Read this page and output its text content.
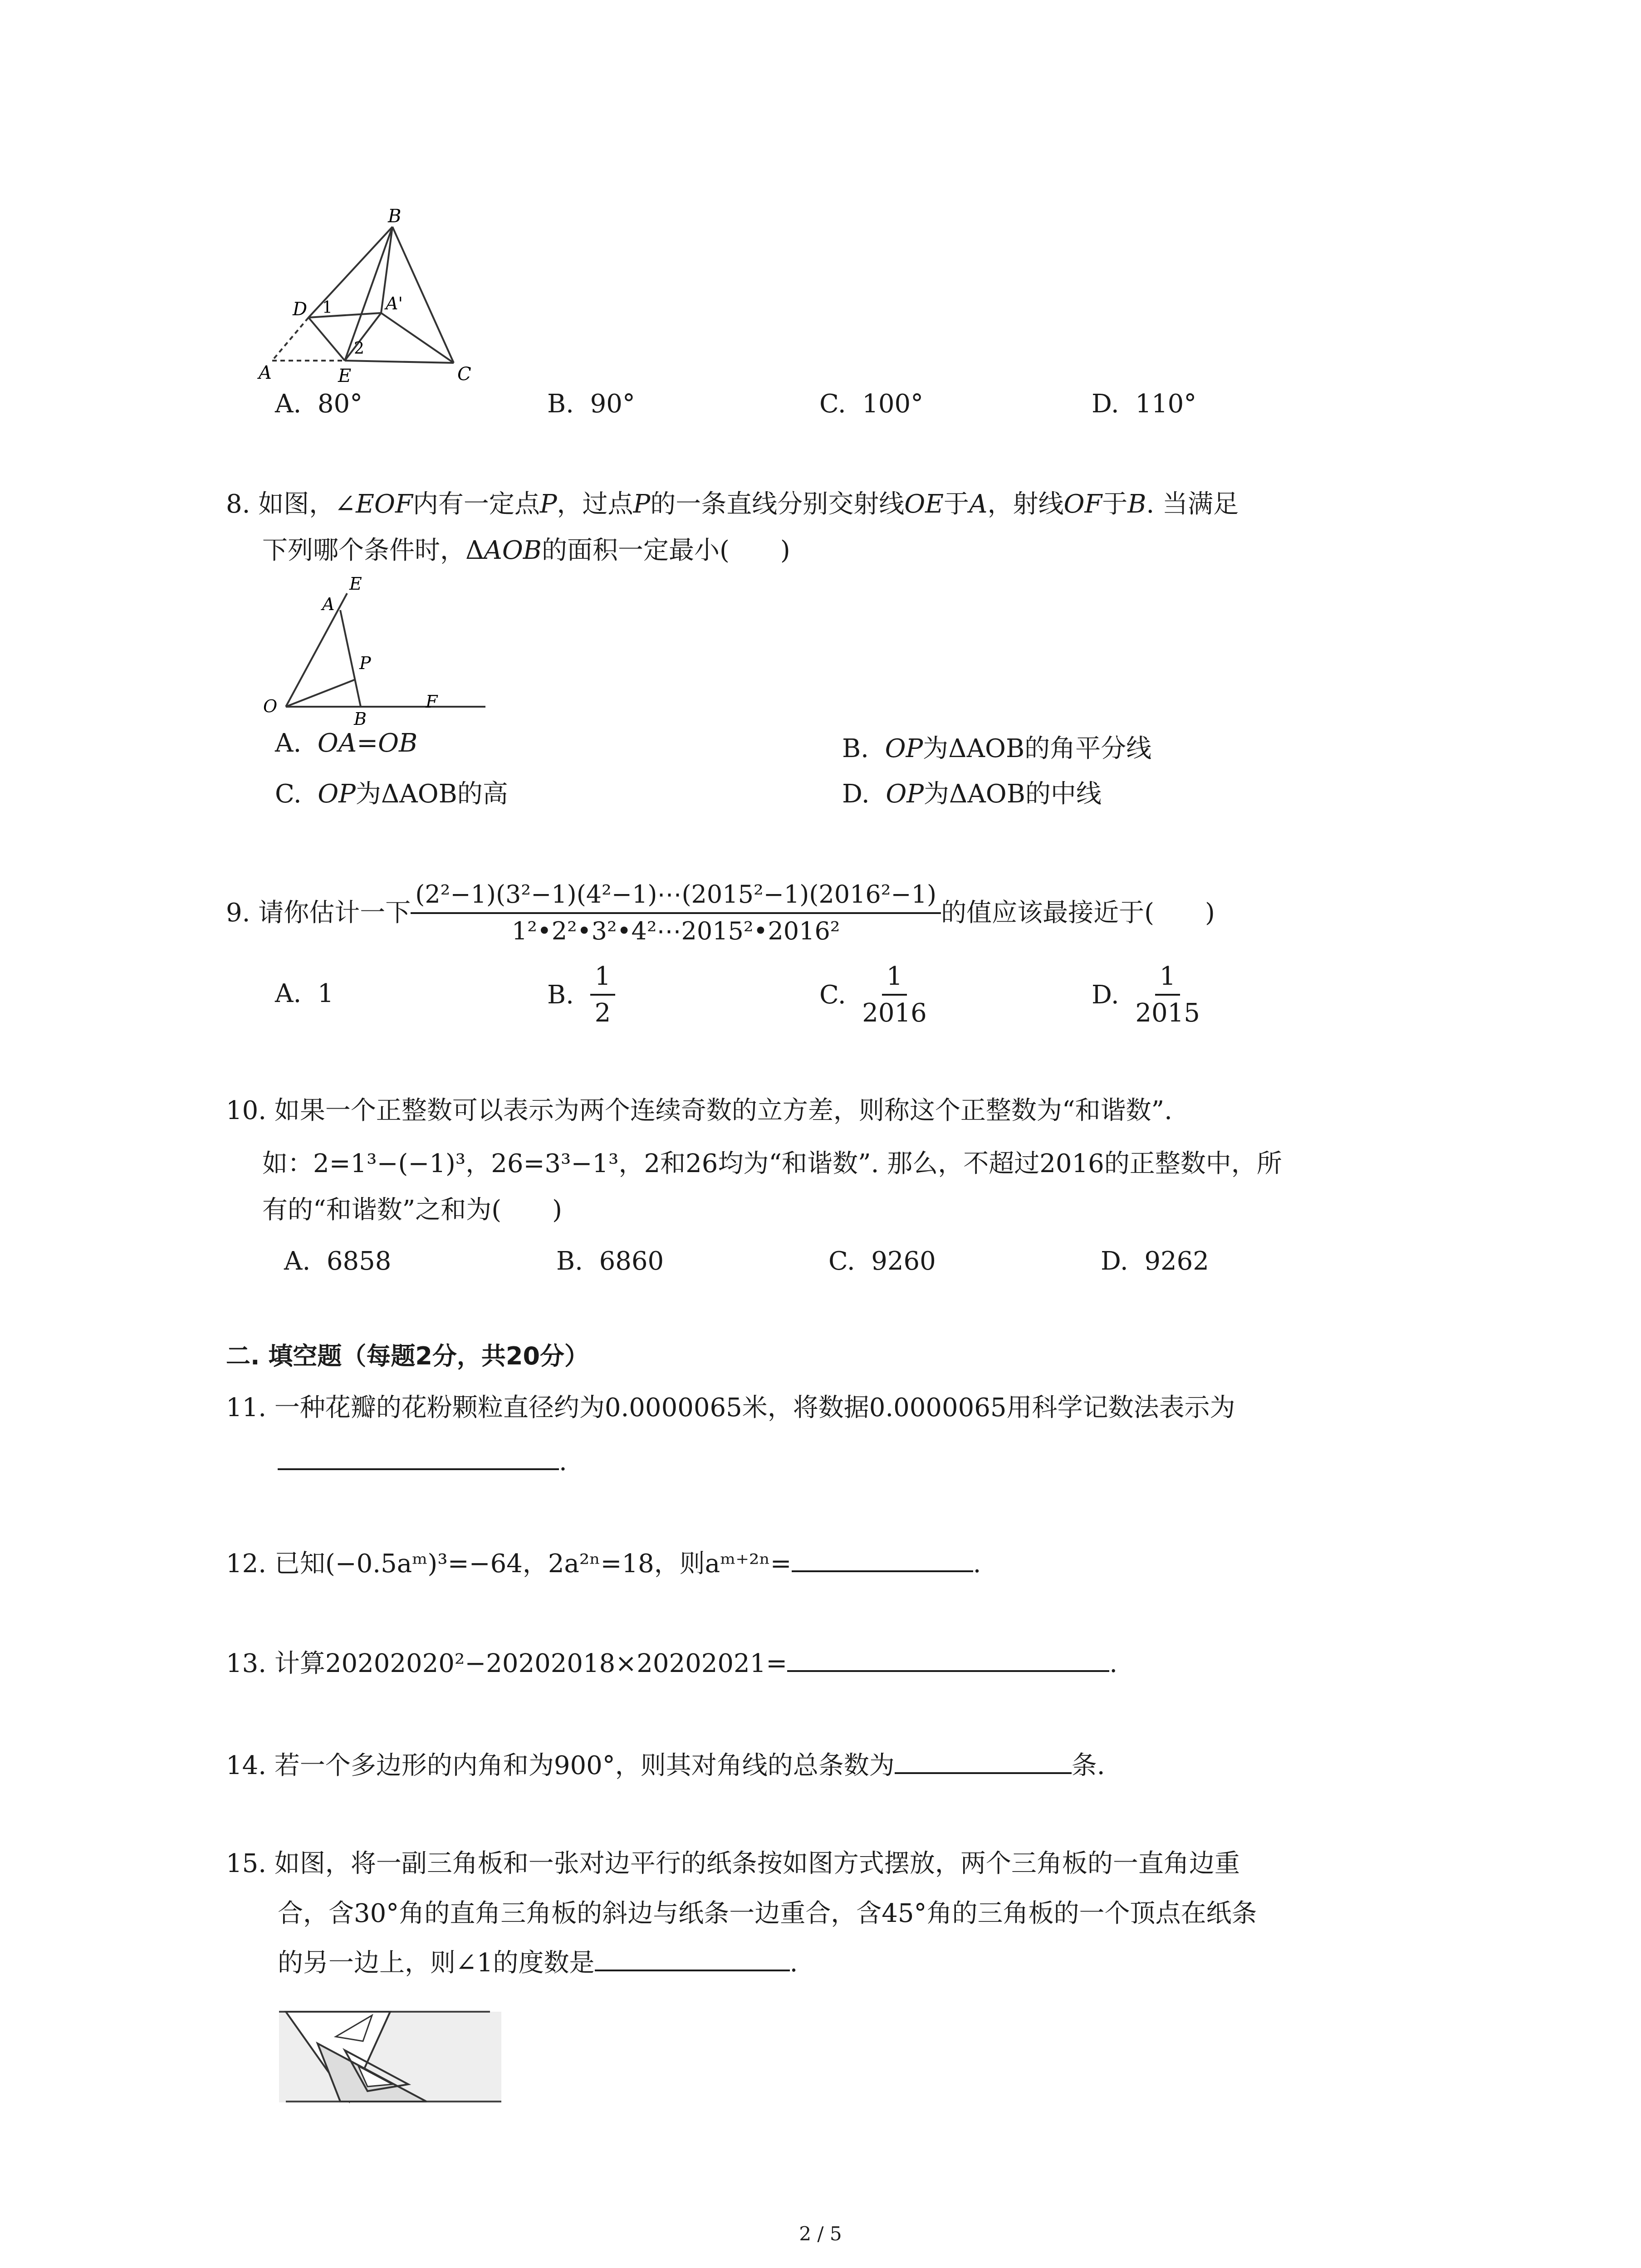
B
D 1	A'
A	E
2
C
A. 80°	B. 90°	C. 100°	D. 110°
8. 如图，∠EOF内有一定点P，过点P的一条直线分别交射线OE于A，射线OF于B. 当满足
下列哪个条件时，ΔAOB的面积一定最小(　　)
E
A
P
O
B
F
A. OA=OB	B. OP为ΔAOB的角平分线
C. OP为ΔAOB的高	D. OP为ΔAOB的中线
9.
请你估计一下 $\frac{\text{(2²−1)(3²−1)(4²−1)⋯(2015²−1)(2016²−1)}}{\text{1²•2²•3²•4²⋯2015²•2016²}}$ 的值应该最接近于(　　)
A. 1	B.
$\frac{1}{2}$	C.
$\frac{1}{2016}$	D.
$\frac{1}{2015}$
10. 如果一个正整数可以表示为两个连续奇数的立方差，则称这个正整数为“和谐数”.
如：2=1³−(−1)³，26=3³−1³，2和26均为“和谐数”. 那么，不超过2016的正整数中，所
有的“和谐数”之和为(　　)
A. 6858	B. 6860	C. 9260	D. 9262
二. 填空题（每题2分，共20分）
11. 一种花瓣的花粉颗粒直径约为0.0000065米，将数据0.0000065用科学记数法表示为
.
12. 已知(−0.5aᵐ)³=−64，2a²ⁿ=18，则aᵐ⁺²ⁿ=	.
13. 计算20202020²−20202018×20202021=	.
14. 若一个多边形的内角和为900°，则其对角线的总条数为	条.
15. 如图，将一副三角板和一张对边平行的纸条按如图方式摆放，两个三角板的一直角边重
合，含30°角的直角三角板的斜边与纸条一边重合，含45°角的三角板的一个顶点在纸条
的另一边上，则∠1的度数是	.
2 / 5
